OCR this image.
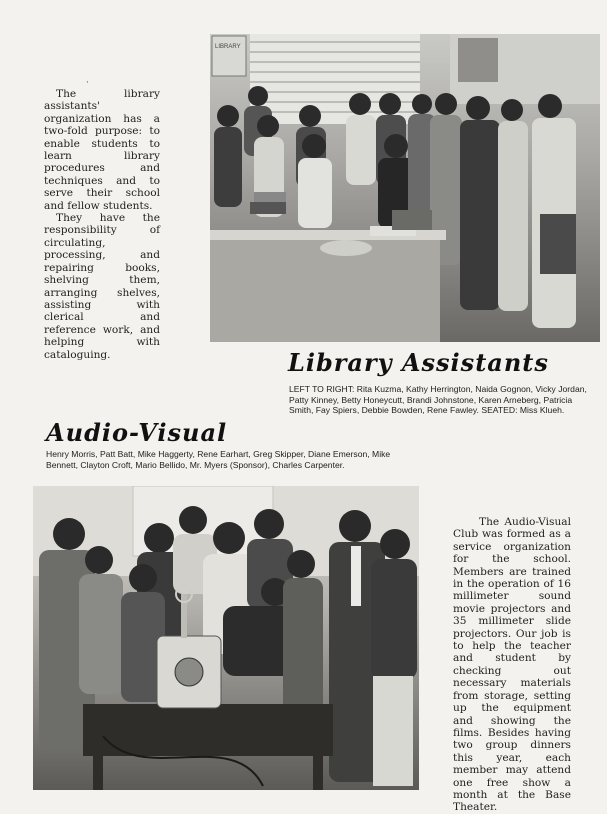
·

The library assistants' organization has a two-fold purpose: to enable students to learn library procedures and techniques and to serve their school and fellow students.

They have the responsibility of circulating, processing, and repairing books, shelving them, arranging shelves, assisting with clerical and reference work, and helping with cataloguing.

LIBRARY
Library Assistants
LEFT TO RIGHT: Rita Kuzma, Kathy Herrington, Naida Gognon, Vicky Jordan, Patty Kinney, Betty Honeycutt, Brandi Johnstone, Karen Arneberg, Patricia Smith, Fay Spiers, Debbie Bowden, Rene Fawley. SEATED: Miss Klueh.
Audio-Visual
Henry Morris, Patt Batt, Mike Haggerty, Rene Earhart, Greg Skipper, Diane Emerson, Mike Bennett, Clayton Croft, Mario Bellido, Mr. Myers (Sponsor), Charles Carpenter.

The Audio-Visual Club was formed as a service organization for the school. Members are trained in the operation of 16 millimeter sound movie projectors and 35 millimeter slide projectors. Our job is to help the teacher and student by checking out necessary materials from storage, setting up the equipment and showing the films. Besides having two group dinners this year, each member may attend one free show a month at the Base Theater.
